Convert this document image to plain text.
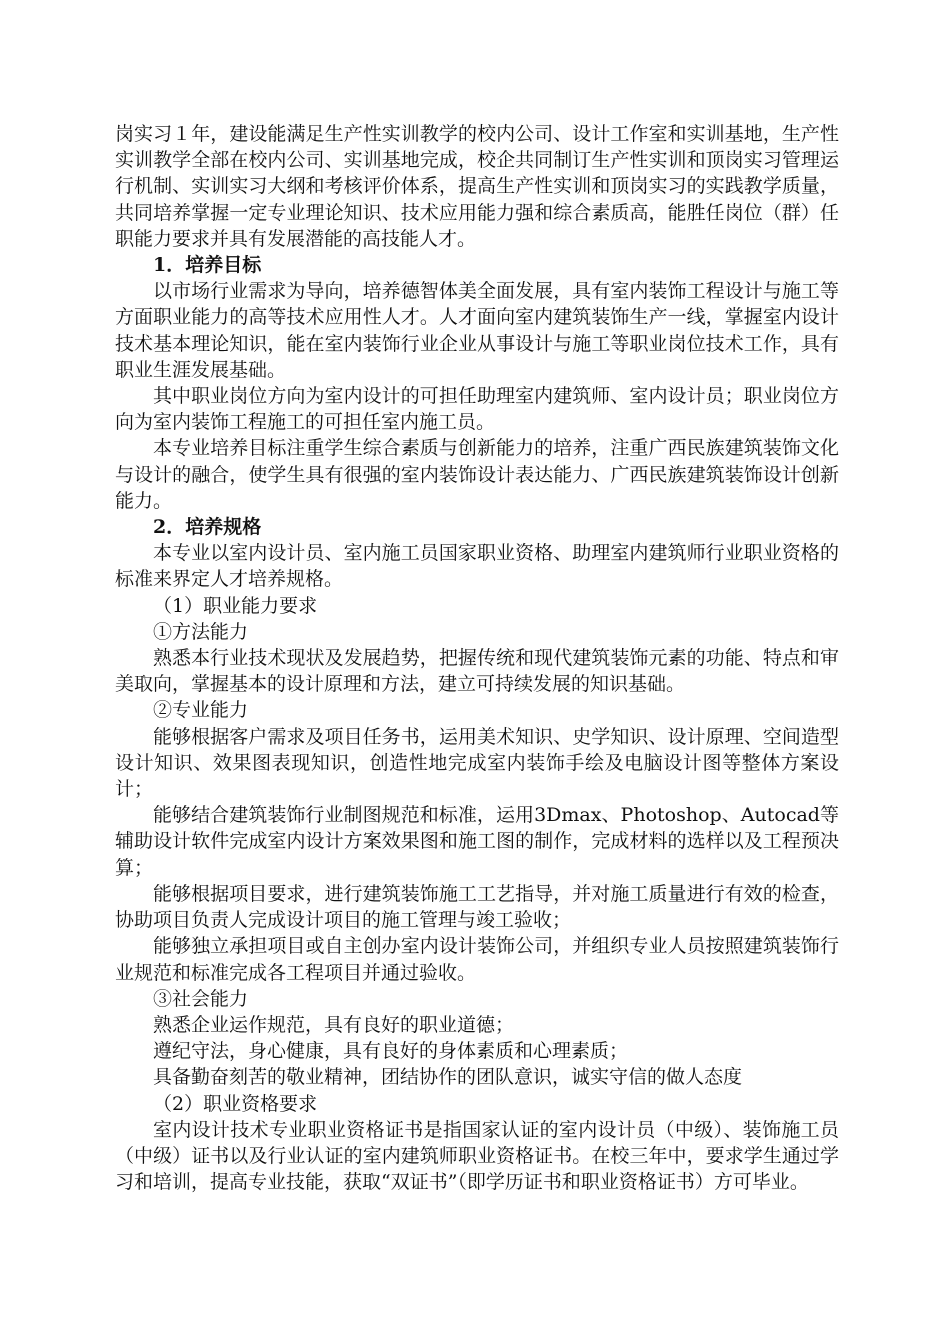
岗实习１年，建设能满足生产性实训教学的校内公司、设计工作室和实训基地，生产性实训教学全部在校内公司、实训基地完成，校企共同制订生产性实训和顶岗实习管理运行机制、实训实习大纲和考核评价体系，提高生产性实训和顶岗实习的实践教学质量，共同培养掌握一定专业理论知识、技术应用能力强和综合素质高，能胜任岗位（群）任职能力要求并具有发展潜能的高技能人才。

1．培养目标

以市场行业需求为导向，培养德智体美全面发展，具有室内装饰工程设计与施工等方面职业能力的高等技术应用性人才。人才面向室内建筑装饰生产一线，掌握室内设计技术基本理论知识，能在室内装饰行业企业从事设计与施工等职业岗位技术工作，具有职业生涯发展基础。

其中职业岗位方向为室内设计的可担任助理室内建筑师、室内设计员；职业岗位方向为室内装饰工程施工的可担任室内施工员。

本专业培养目标注重学生综合素质与创新能力的培养，注重广西民族建筑装饰文化与设计的融合，使学生具有很强的室内装饰设计表达能力、广西民族建筑装饰设计创新能力。

2．培养规格

本专业以室内设计员、室内施工员国家职业资格、助理室内建筑师行业职业资格的标准来界定人才培养规格。

（1）职业能力要求

①方法能力

熟悉本行业技术现状及发展趋势，把握传统和现代建筑装饰元素的功能、特点和审美取向，掌握基本的设计原理和方法，建立可持续发展的知识基础。

②专业能力

能够根据客户需求及项目任务书，运用美术知识、史学知识、设计原理、空间造型设计知识、效果图表现知识，创造性地完成室内装饰手绘及电脑设计图等整体方案设计；

能够结合建筑装饰行业制图规范和标准，运用3Dmax、Photoshop、Autocad等辅助设计软件完成室内设计方案效果图和施工图的制作，完成材料的选样以及工程预决算；

能够根据项目要求，进行建筑装饰施工工艺指导，并对施工质量进行有效的检查，协助项目负责人完成设计项目的施工管理与竣工验收；

能够独立承担项目或自主创办室内设计装饰公司，并组织专业人员按照建筑装饰行业规范和标准完成各工程项目并通过验收。

③社会能力

熟悉企业运作规范，具有良好的职业道德；

遵纪守法，身心健康，具有良好的身体素质和心理素质；

具备勤奋刻苦的敬业精神，团结协作的团队意识，诚实守信的做人态度

（2）职业资格要求

室内设计技术专业职业资格证书是指国家认证的室内设计员（中级）、装饰施工员（中级）证书以及行业认证的室内建筑师职业资格证书。在校三年中，要求学生通过学习和培训，提高专业技能，获取“双证书”（即学历证书和职业资格证书）方可毕业。
